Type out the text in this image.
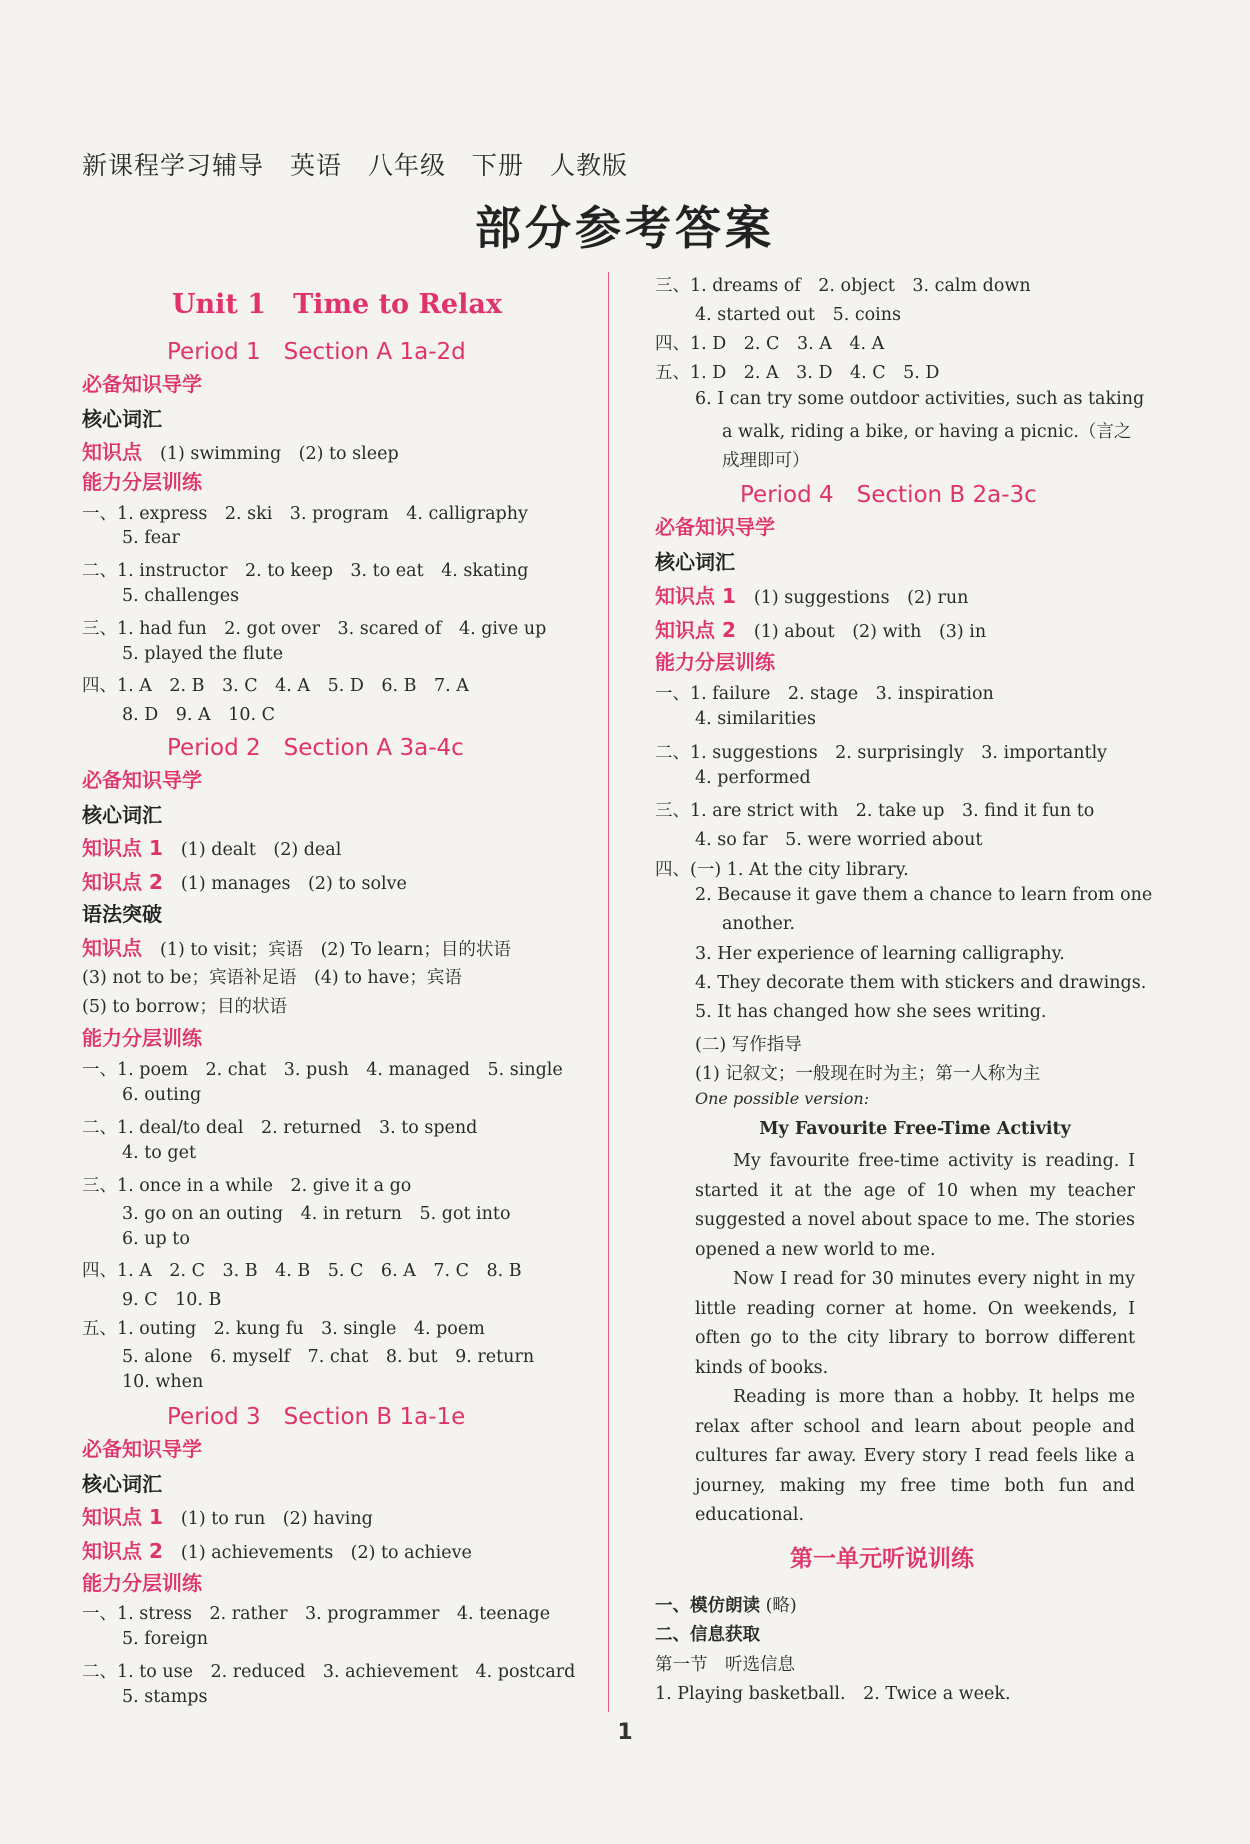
新课程学习辅导　英语　八年级　下册　人教版
部分参考答案
Unit 1　Time to Relax
Period 1　Section A 1a-2d
必备知识导学
核心词汇
知识点 (1) swimming　(2) to sleep
能力分层训练
一、1. express　2. ski　3. program　4. calligraphy
5. fear
二、1. instructor　2. to keep　3. to eat　4. skating
5. challenges
三、1. had fun　2. got over　3. scared of　4. give up
5. played the flute
四、1. A　2. B　3. C　4. A　5. D　6. B　7. A
8. D　9. A　10. C
Period 2　Section A 3a-4c
必备知识导学
核心词汇
知识点 1 (1) dealt　(2) deal
知识点 2 (1) manages　(2) to solve
语法突破
知识点 (1) to visit；宾语　(2) To learn；目的状语
(3) not to be；宾语补足语　(4) to have；宾语
(5) to borrow；目的状语
能力分层训练
一、1. poem　2. chat　3. push　4. managed　5. single
6. outing
二、1. deal/to deal　2. returned　3. to spend
4. to get
三、1. once in a while　2. give it a go
3. go on an outing　4. in return　5. got into
6. up to
四、1. A　2. C　3. B　4. B　5. C　6. A　7. C　8. B
9. C　10. B
五、1. outing　2. kung fu　3. single　4. poem
5. alone　6. myself　7. chat　8. but　9. return
10. when
Period 3　Section B 1a-1e
必备知识导学
核心词汇
知识点 1 (1) to run　(2) having
知识点 2 (1) achievements　(2) to achieve
能力分层训练
一、1. stress　2. rather　3. programmer　4. teenage
5. foreign
二、1. to use　2. reduced　3. achievement　4. postcard
5. stamps
三、1. dreams of　2. object　3. calm down
4. started out　5. coins
四、1. D　2. C　3. A　4. A
五、1. D　2. A　3. D　4. C　5. D
6. I can try some outdoor activities, such as taking
a walk, riding a bike, or having a picnic.（言之
成理即可）
Period 4　Section B 2a-3c
必备知识导学
核心词汇
知识点 1 (1) suggestions　(2) run
知识点 2 (1) about　(2) with　(3) in
能力分层训练
一、1. failure　2. stage　3. inspiration
4. similarities
二、1. suggestions　2. surprisingly　3. importantly
4. performed
三、1. are strict with　2. take up　3. find it fun to
4. so far　5. were worried about
四、(一) 1. At the city library.
2. Because it gave them a chance to learn from one
another.
3. Her experience of learning calligraphy.
4. They decorate them with stickers and drawings.
5. It has changed how she sees writing.
(二) 写作指导
(1) 记叙文；一般现在时为主；第一人称为主
One possible version:
My Favourite Free-Time Activity
My favourite free-time activity is reading. I started it at the age of 10 when my teacher suggested a novel about space to me. The stories opened a new world to me.
Now I read for 30 minutes every night in my little reading corner at home. On weekends, I often go to the city library to borrow different kinds of books.
Reading is more than a hobby. It helps me relax after school and learn about people and cultures far away. Every story I read feels like a journey, making my free time both fun and educational.
第一单元听说训练
一、模仿朗读 (略)
二、信息获取
第一节　听选信息
1. Playing basketball.　2. Twice a week.
1
